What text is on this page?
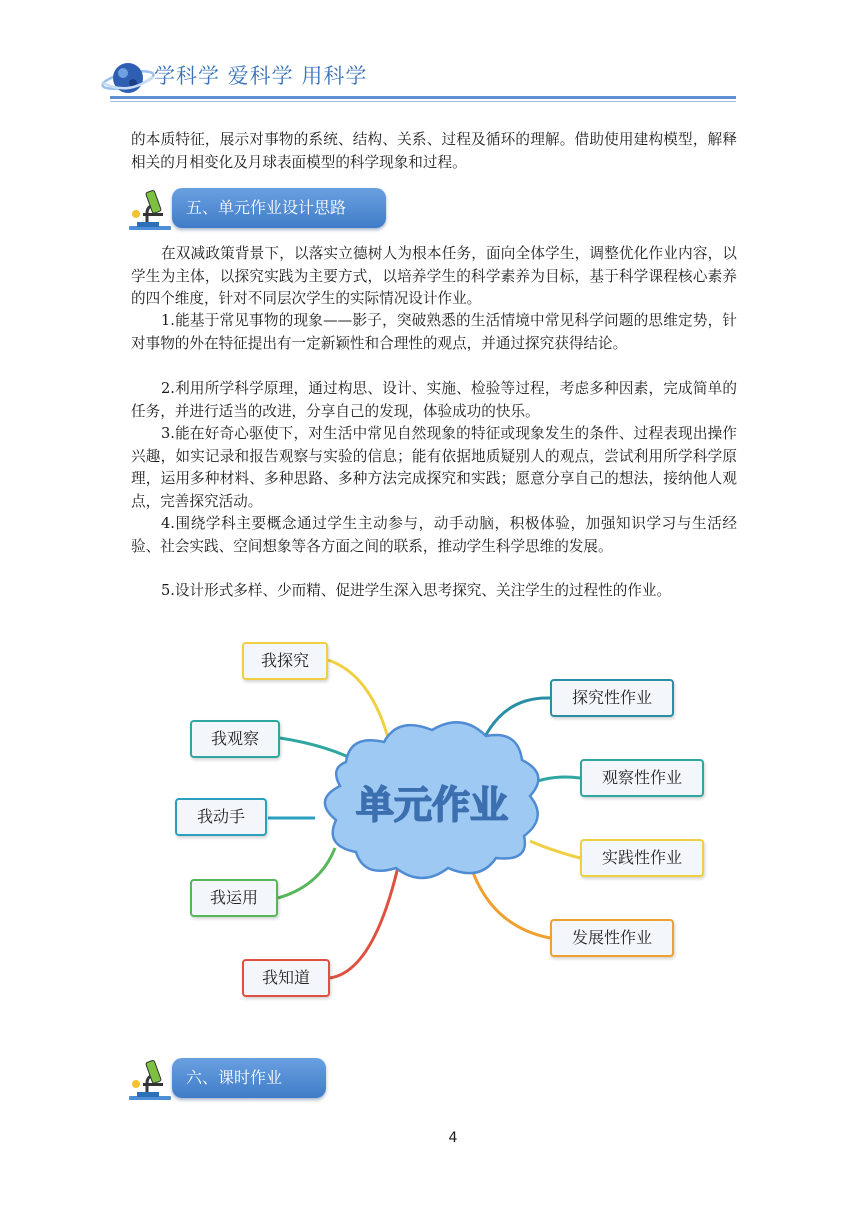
学科学 爱科学 用科学

的本质特征，展示对事物的系统、结构、关系、过程及循环的理解。借助使用建构模型，解释相关的月相变化及月球表面模型的科学现象和过程。

五、单元作业设计思路

在双减政策背景下，以落实立德树人为根本任务，面向全体学生，调整优化作业内容，以学生为主体，以探究实践为主要方式，以培养学生的科学素养为目标，基于科学课程核心素养的四个维度，针对不同层次学生的实际情况设计作业。

1.能基于常见事物的现象——影子，突破熟悉的生活情境中常见科学问题的思维定势，针对事物的外在特征提出有一定新颖性和合理性的观点，并通过探究获得结论。

2.利用所学科学原理，通过构思、设计、实施、检验等过程，考虑多种因素，完成简单的任务，并进行适当的改进，分享自己的发现，体验成功的快乐。

3.能在好奇心驱使下，对生活中常见自然现象的特征或现象发生的条件、过程表现出操作兴趣，如实记录和报告观察与实验的信息；能有依据地质疑别人的观点，尝试利用所学科学原理，运用多种材料、多种思路、多种方法完成探究和实践；愿意分享自己的想法，接纳他人观点，完善探究活动。

4.围绕学科主要概念通过学生主动参与，动手动脑，积极体验，加强知识学习与生活经验、社会实践、空间想象等各方面之间的联系，推动学生科学思维的发展。

5.设计形式多样、少而精、促进学生深入思考探究、关注学生的过程性的作业。

单元作业
我探究
我观察
我动手
我运用
我知道
探究性作业
观察性作业
实践性作业
发展性作业
六、课时作业
4
